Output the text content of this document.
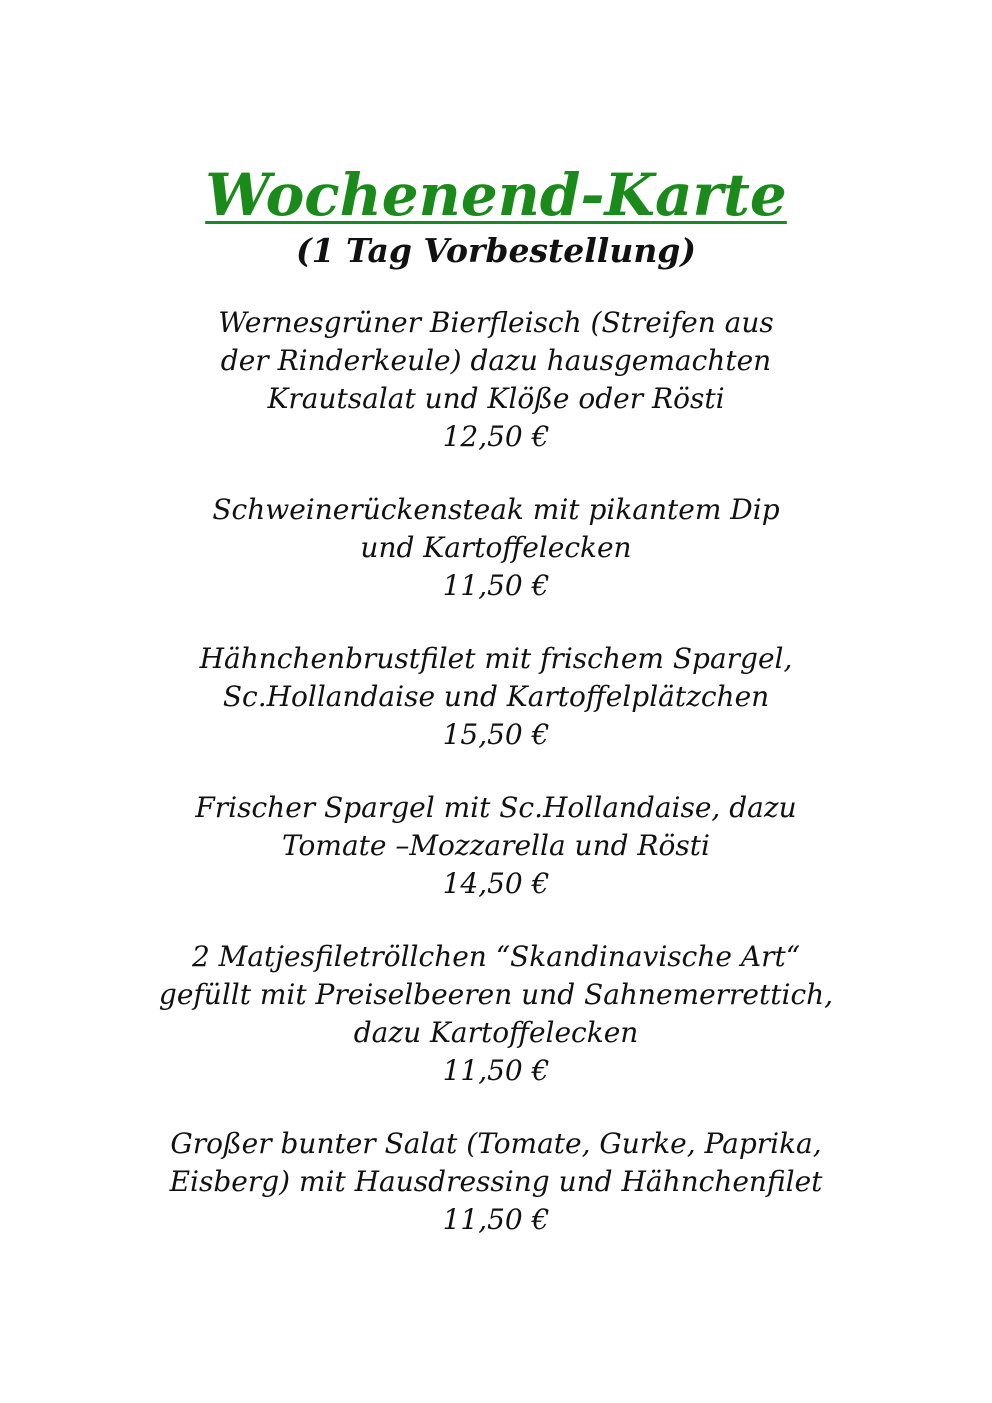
Wochenend-Karte
(1 Tag Vorbestellung)
Wernesgrüner Bierfleisch (Streifen aus
der Rinderkeule) dazu hausgemachten
Krautsalat und Klöße oder Rösti
12,50 €
Schweinerückensteak mit pikantem Dip
und Kartoffelecken
11,50 €
Hähnchenbrustfilet mit frischem Spargel,
Sc.Hollandaise und Kartoffelplätzchen
15,50 €
Frischer Spargel mit Sc.Hollandaise, dazu
Tomate –Mozzarella und Rösti
14,50 €
2 Matjesfiletröllchen “Skandinavische Art“
gefüllt mit Preiselbeeren und Sahnemerrettich,
dazu Kartoffelecken
11,50 €
Großer bunter Salat (Tomate, Gurke, Paprika,
Eisberg) mit Hausdressing und Hähnchenfilet
11,50 €
